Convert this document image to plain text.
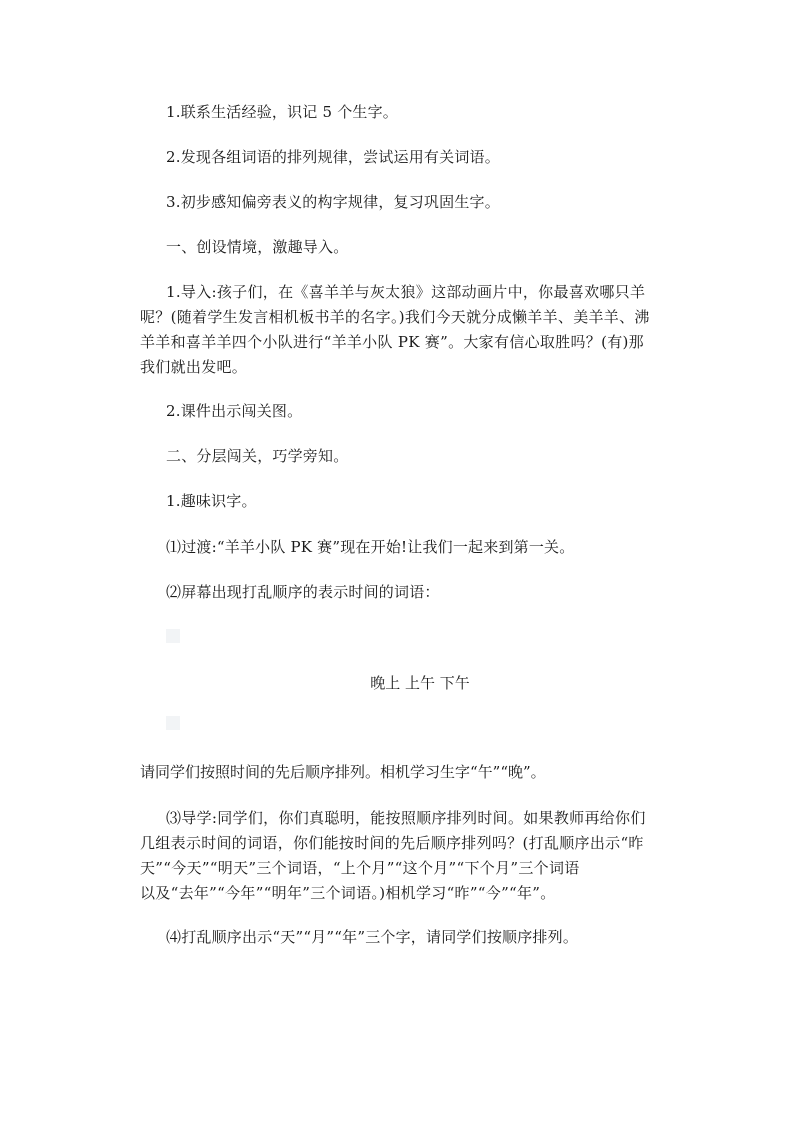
1.联系生活经验，识记 5 个生字。
2.发现各组词语的排列规律，尝试运用有关词语。
3.初步感知偏旁表义的构字规律，复习巩固生字。
一、创设情境，激趣导入。
1.导入:孩子们，在《喜羊羊与灰太狼》这部动画片中，你最喜欢哪只羊
呢？(随着学生发言相机板书羊的名字。)我们今天就分成懒羊羊、美羊羊、沸
羊羊和喜羊羊四个小队进行“羊羊小队 PK 赛”。大家有信心取胜吗？(有)那
我们就出发吧。
2.课件出示闯关图。
二、分层闯关，巧学旁知。
1.趣味识字。
⑴过渡:“羊羊小队 PK 赛”现在开始!让我们一起来到第一关。
⑵屏幕出现打乱顺序的表示时间的词语：
晚上 上午 下午
请同学们按照时间的先后顺序排列。相机学习生字“午”“晚”。
⑶导学:同学们，你们真聪明，能按照顺序排列时间。如果教师再给你们
几组表示时间的词语，你们能按时间的先后顺序排列吗？(打乱顺序出示“昨
天”“今天”“明天”三个词语，“上个月”“这个月”“下个月”三个词语
以及“去年”“今年”“明年”三个词语。)相机学习“昨”“今”“年”。
⑷打乱顺序出示“天”“月”“年”三个字，请同学们按顺序排列。
